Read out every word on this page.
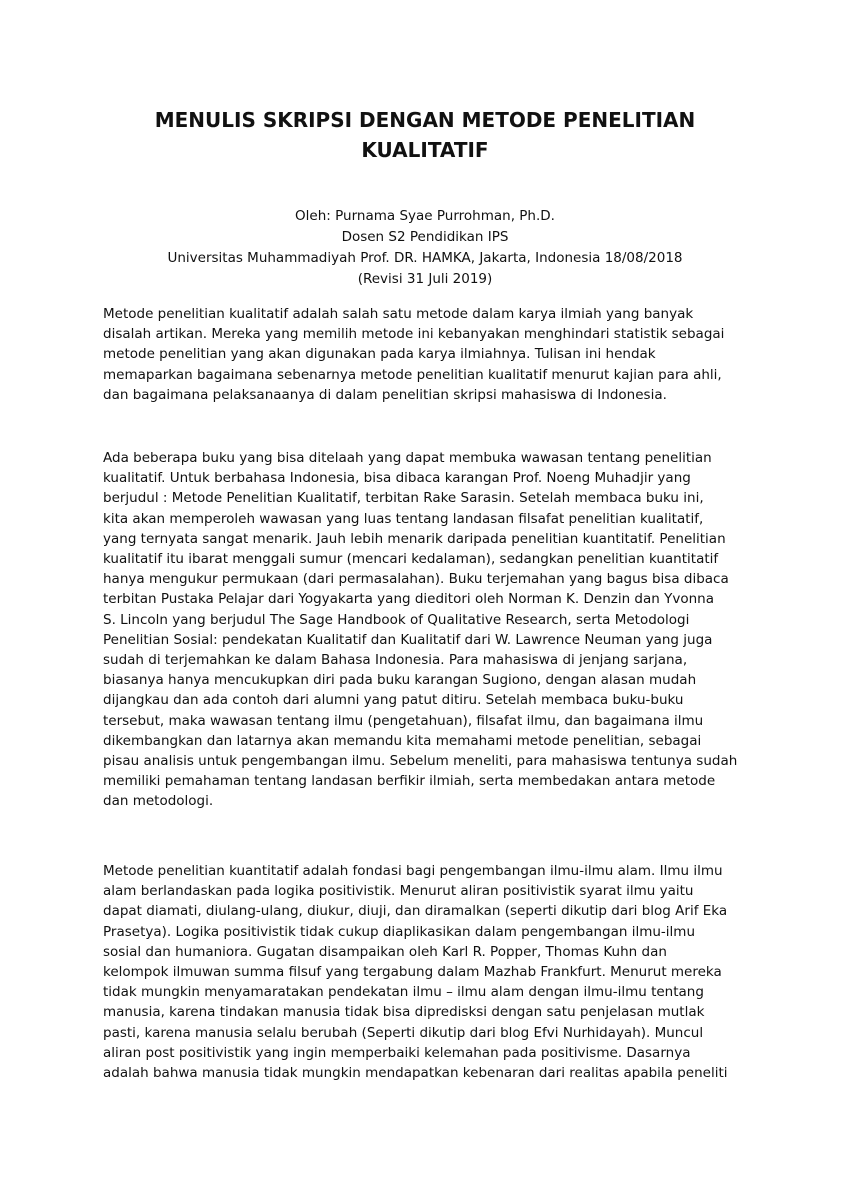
MENULIS SKRIPSI DENGAN METODE PENELITIAN
KUALITATIF
Oleh: Purnama Syae Purrohman, Ph.D.
Dosen S2 Pendidikan IPS
Universitas Muhammadiyah Prof. DR. HAMKA, Jakarta, Indonesia 18/08/2018
(Revisi 31 Juli 2019)
Metode penelitian kualitatif adalah salah satu metode dalam karya ilmiah yang banyak
disalah artikan. Mereka yang memilih metode ini kebanyakan menghindari statistik sebagai
metode penelitian yang akan digunakan pada karya ilmiahnya. Tulisan ini hendak
memaparkan bagaimana sebenarnya metode penelitian kualitatif menurut kajian para ahli,
dan bagaimana pelaksanaanya di dalam penelitian skripsi mahasiswa di Indonesia.
Ada beberapa buku yang bisa ditelaah yang dapat membuka wawasan tentang penelitian
kualitatif. Untuk berbahasa Indonesia, bisa dibaca karangan Prof. Noeng Muhadjir yang
berjudul : Metode Penelitian Kualitatif, terbitan Rake Sarasin. Setelah membaca buku ini,
kita akan memperoleh wawasan yang luas tentang landasan filsafat penelitian kualitatif,
yang ternyata sangat menarik. Jauh lebih menarik daripada penelitian kuantitatif. Penelitian
kualitatif itu ibarat menggali sumur (mencari kedalaman), sedangkan penelitian kuantitatif
hanya mengukur permukaan (dari permasalahan). Buku terjemahan yang bagus bisa dibaca
terbitan Pustaka Pelajar dari Yogyakarta yang dieditori oleh Norman K. Denzin dan Yvonna
S. Lincoln yang berjudul The Sage Handbook of Qualitative Research, serta Metodologi
Penelitian Sosial: pendekatan Kualitatif dan Kualitatif dari W. Lawrence Neuman yang juga
sudah di terjemahkan ke dalam Bahasa Indonesia. Para mahasiswa di jenjang sarjana,
biasanya hanya mencukupkan diri pada buku karangan Sugiono, dengan alasan mudah
dijangkau dan ada contoh dari alumni yang patut ditiru. Setelah membaca buku-buku
tersebut, maka wawasan tentang ilmu (pengetahuan), filsafat ilmu, dan bagaimana ilmu
dikembangkan dan latarnya akan memandu kita memahami metode penelitian, sebagai
pisau analisis untuk pengembangan ilmu. Sebelum meneliti, para mahasiswa tentunya sudah
memiliki pemahaman tentang landasan berfikir ilmiah, serta membedakan antara metode
dan metodologi.
Metode penelitian kuantitatif adalah fondasi bagi pengembangan ilmu-ilmu alam. Ilmu ilmu
alam berlandaskan pada logika positivistik. Menurut aliran positivistik syarat ilmu yaitu
dapat diamati, diulang-ulang, diukur, diuji, dan diramalkan (seperti dikutip dari blog Arif Eka
Prasetya). Logika positivistik tidak cukup diaplikasikan dalam pengembangan ilmu-ilmu
sosial dan humaniora. Gugatan disampaikan oleh Karl R. Popper, Thomas Kuhn dan
kelompok ilmuwan summa filsuf yang tergabung dalam Mazhab Frankfurt. Menurut mereka
tidak mungkin menyamaratakan pendekatan ilmu – ilmu alam dengan ilmu-ilmu tentang
manusia, karena tindakan manusia tidak bisa dipredisksi dengan satu penjelasan mutlak
pasti, karena manusia selalu berubah (Seperti dikutip dari blog Efvi Nurhidayah). Muncul
aliran post positivistik yang ingin memperbaiki kelemahan pada positivisme. Dasarnya
adalah bahwa manusia tidak mungkin mendapatkan kebenaran dari realitas apabila peneliti
